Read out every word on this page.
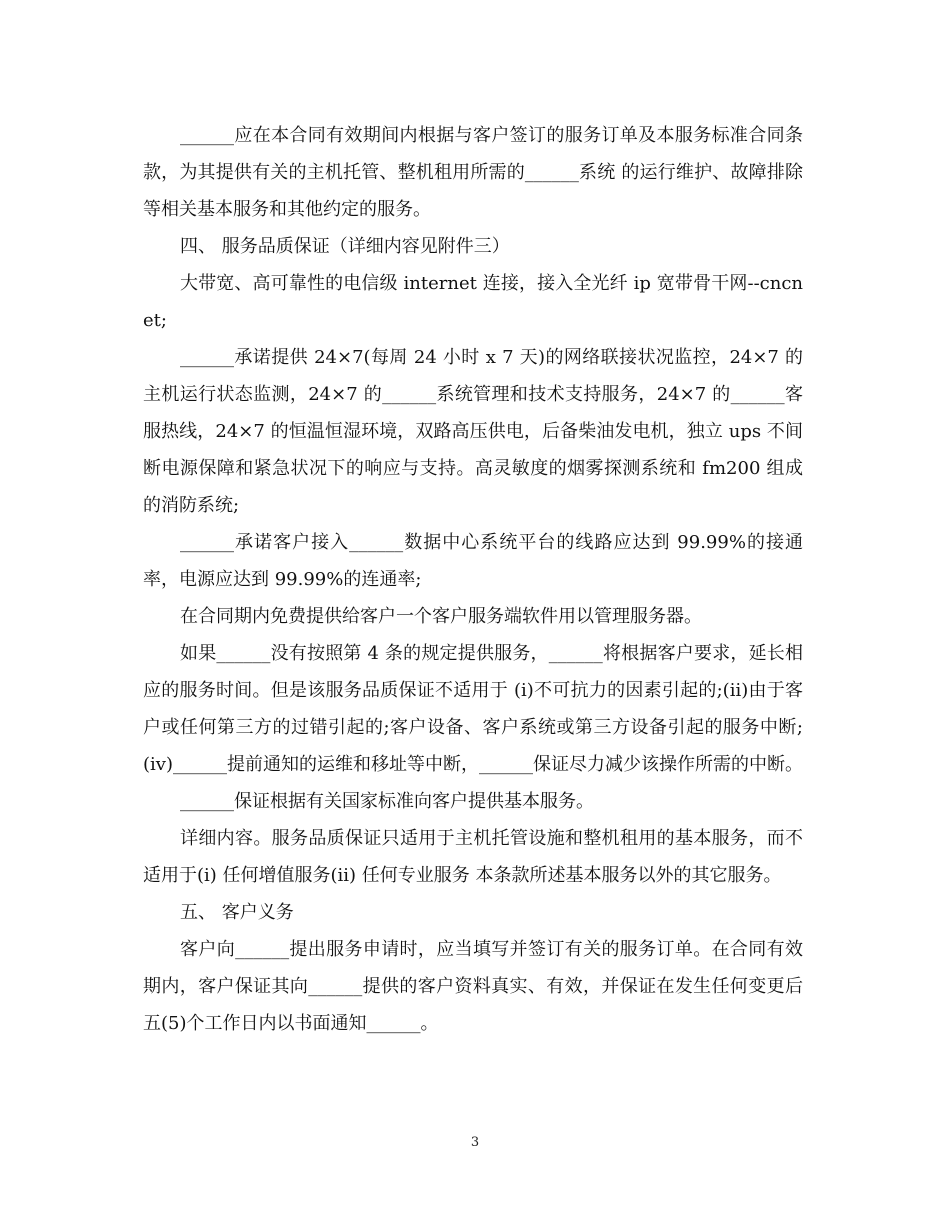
______应在本合同有效期间内根据与客户签订的服务订单及本服务标准合同条款，为其提供有关的主机托管、整机租用所需的______系统 的运行维护、故障排除等相关基本服务和其他约定的服务。

四、 服务品质保证（详细内容见附件三）

大带宽、高可靠性的电信级 internet 连接，接入全光纤 ip 宽带骨干网--cncnet;

______承诺提供 24×7(每周 24 小时 x 7 天)的网络联接状况监控，24×7 的主机运行状态监测，24×7 的______系统管理和技术支持服务，24×7 的______客服热线，24×7 的恒温恒湿环境，双路高压供电，后备柴油发电机，独立 ups 不间断电源保障和紧急状况下的响应与支持。高灵敏度的烟雾探测系统和 fm200 组成的消防系统;

______承诺客户接入______数据中心系统平台的线路应达到 99.99%的接通率，电源应达到 99.99%的连通率;

在合同期内免费提供给客户一个客户服务端软件用以管理服务器。

如果______没有按照第 4 条的规定提供服务，______将根据客户要求，延长相应的服务时间。但是该服务品质保证不适用于 (i)不可抗力的因素引起的;(ii)由于客户或任何第三方的过错引起的;客户设备、客户系统或第三方设备引起的服务中断; (iv)______提前通知的运维和移址等中断，______保证尽力减少该操作所需的中断。

______保证根据有关国家标准向客户提供基本服务。

详细内容。服务品质保证只适用于主机托管设施和整机租用的基本服务，而不适用于(i) 任何增值服务(ii) 任何专业服务 本条款所述基本服务以外的其它服务。

五、 客户义务

客户向______提出服务申请时，应当填写并签订有关的服务订单。在合同有效期内，客户保证其向______提供的客户资料真实、有效，并保证在发生任何变更后五(5)个工作日内以书面通知______。

3
